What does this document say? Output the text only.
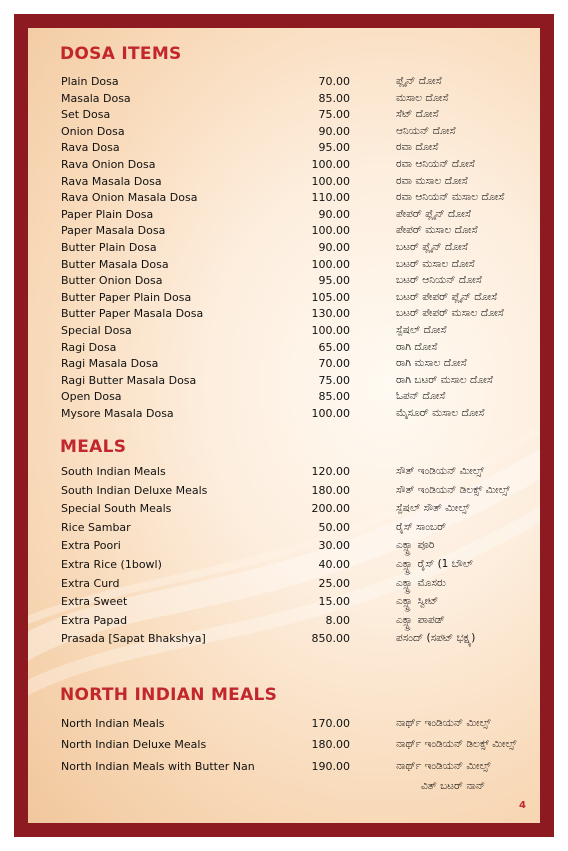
DOSA ITEMS
Plain Dosa	70.00	ಪ್ಲೈನ್ ದೋಸೆ
Masala Dosa	85.00	ಮಸಾಲ ದೋಸೆ
Set Dosa	75.00	ಸೆಟ್ ದೋಸೆ
Onion Dosa	90.00	ಆನಿಯನ್ ದೋಸೆ
Rava Dosa	95.00	ರವಾ ದೋಸೆ
Rava Onion Dosa	100.00	ರವಾ ಆನಿಯನ್ ದೋಸೆ
Rava Masala Dosa	100.00	ರವಾ ಮಸಾಲ ದೋಸೆ
Rava Onion Masala Dosa	110.00	ರವಾ ಆನಿಯನ್ ಮಸಾಲ ದೋಸೆ
Paper Plain Dosa	90.00	ಪೇಪರ್ ಪ್ಲೈನ್ ದೋಸೆ
Paper Masala Dosa	100.00	ಪೇಪರ್ ಮಸಾಲ ದೋಸೆ
Butter Plain Dosa	90.00	ಬಟರ್ ಪ್ಲೈನ್ ದೋಸೆ
Butter Masala Dosa	100.00	ಬಟರ್ ಮಸಾಲ ದೋಸೆ
Butter Onion Dosa	95.00	ಬಟರ್ ಆನಿಯನ್ ದೋಸೆ
Butter Paper Plain Dosa	105.00	ಬಟರ್ ಪೇಪರ್ ಪ್ಲೈನ್ ದೋಸೆ
Butter Paper Masala Dosa	130.00	ಬಟರ್ ಪೇಪರ್ ಮಸಾಲ ದೋಸೆ
Special Dosa	100.00	ಸ್ಪೆಷಲ್ ದೋಸೆ
Ragi Dosa	65.00	ರಾಗಿ ದೋಸೆ
Ragi Masala Dosa	70.00	ರಾಗಿ ಮಸಾಲ ದೋಸೆ
Ragi Butter Masala Dosa	75.00	ರಾಗಿ ಬಟರ್ ಮಸಾಲ ದೋಸೆ
Open Dosa	85.00	ಓಪನ್ ದೋಸೆ
Mysore Masala Dosa	100.00	ಮೈಸೂರ್ ಮಸಾಲ ದೋಸೆ
MEALS
South Indian Meals	120.00	ಸೌತ್ ಇಂಡಿಯನ್ ಮೀಲ್ಸ್
South Indian Deluxe Meals	180.00	ಸೌತ್ ಇಂಡಿಯನ್ ಡಿಲಕ್ಸ್ ಮೀಲ್ಸ್
Special South Meals	200.00	ಸ್ಪೆಷಲ್ ಸೌತ್ ಮೀಲ್ಸ್
Rice Sambar	50.00	ರೈಸ್ ಸಾಂಬರ್
Extra Poori	30.00	ಎಕ್ಸ್ಟ್ರಾ ಪೂರಿ
Extra Rice (1bowl)	40.00	ಎಕ್ಸ್ಟ್ರಾ ರೈಸ್ (1 ಬೌಲ್
Extra Curd	25.00	ಎಕ್ಸ್ಟ್ರಾ ಮೊಸರು
Extra Sweet	15.00	ಎಕ್ಸ್ಟ್ರಾ ಸ್ವೀಟ್
Extra Papad	8.00	ಎಕ್ಸ್ಟ್ರಾ ಪಾಪಡ್
Prasada [Sapat Bhakshya]	850.00	ಪಸಂದ್ (ಸಪಟ್ ಭಕ್ಷ್ಯ)
NORTH INDIAN MEALS
North Indian Meals	170.00	ನಾರ್ಥ್ ಇಂಡಿಯನ್ ಮೀಲ್ಸ್
North Indian Deluxe Meals	180.00	ನಾರ್ಥ್ ಇಂಡಿಯನ್ ಡಿಲಕ್ಸ್ ಮೀಲ್ಸ್
North Indian Meals with Butter Nan	190.00	ನಾರ್ಥ್ ಇಂಡಿಯನ್ ಮೀಲ್ಸ್
ವಿತ್ ಬಟರ್ ನಾನ್
4
